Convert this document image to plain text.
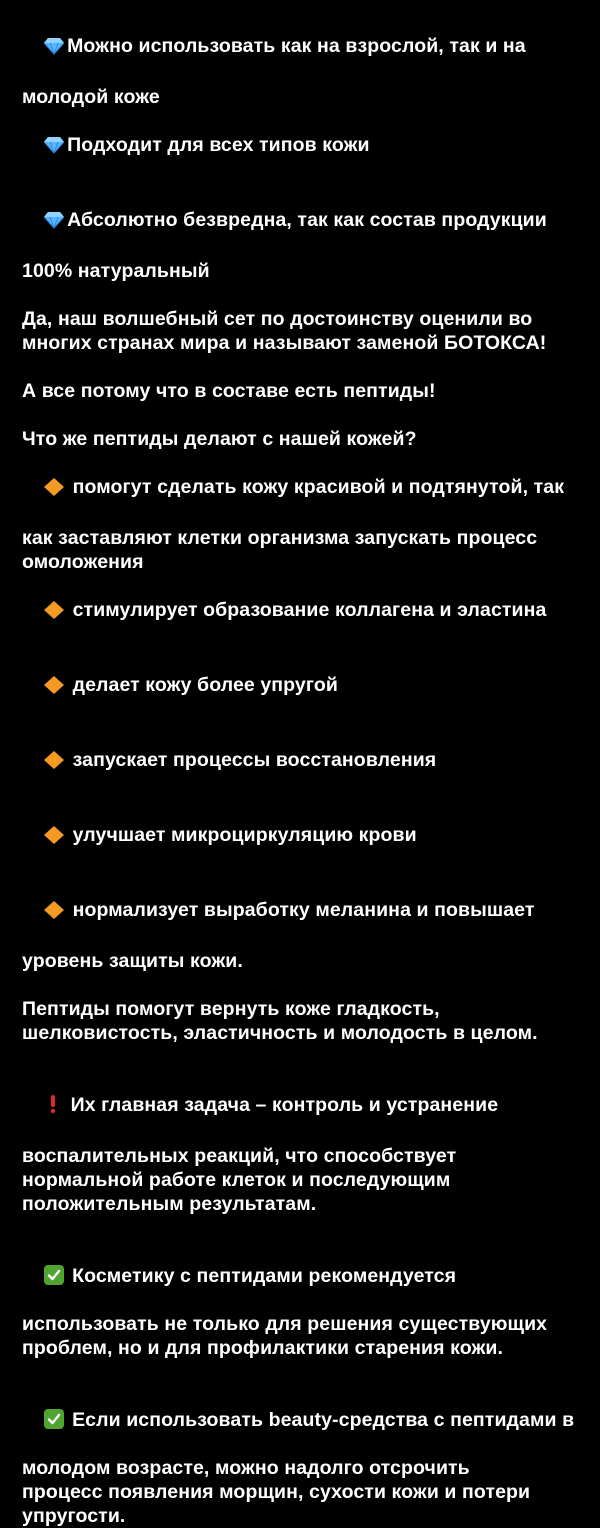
Можно использовать как на взрослой, так и на

молодой коже

Подходит для всех типов кожи

Абсолютно безвредна, так как состав продукции

100% натуральный
Да, наш волшебный сет по достоинству оценили во
многих странах мира и называют заменой БОТОКСА!
А все потому что в составе есть пептиды!
Что же пептиды делают с нашей кожей?

помогут сделать кожу красивой и подтянутой, так

как заставляют клетки организма запускать процесс
омоложения

стимулирует образование коллагена и эластина

делает кожу более упругой

запускает процессы восстановления

улучшает микроциркуляцию крови

нормализует выработку меланина и повышает

уровень защиты кожи.
Пептиды помогут вернуть коже гладкость,
шелковистость, эластичность и молодость в целом.

Их главная задача – контроль и устранение

воспалительных реакций, что способствует
нормальной работе клеток и последующим
положительным результатам.

Косметику с пептидами рекомендуется

использовать не только для решения существующих
проблем, но и для профилактики старения кожи.

Если использовать beauty-средства с пептидами в

молодом возрасте, можно надолго отсрочить
процесс появления морщин, сухости кожи и потери
упругости.
